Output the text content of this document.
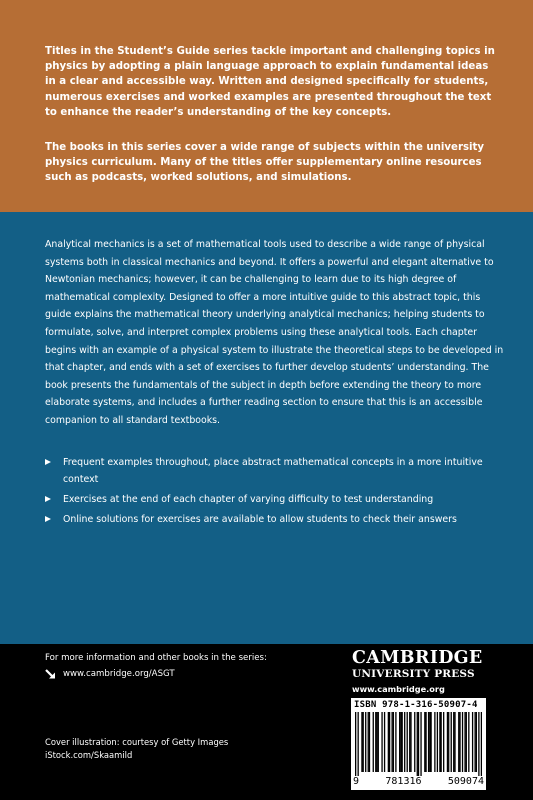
Titles in the Student’s Guide series tackle important and challenging topics in physics by adopting a plain language approach to explain fundamental ideas in a clear and accessible way. Written and designed specifically for students, numerous exercises and worked examples are presented throughout the text to enhance the reader’s understanding of the key concepts.

The books in this series cover a wide range of subjects within the university physics curriculum. Many of the titles offer supplementary online resources such as podcasts, worked solutions, and simulations.

Analytical mechanics is a set of mathematical tools used to describe a wide range of physical systems both in classical mechanics and beyond. It offers a powerful and elegant alternative to Newtonian mechanics; however, it can be challenging to learn due to its high degree of mathematical complexity. Designed to offer a more intuitive guide to this abstract topic, this guide explains the mathematical theory underlying analytical mechanics; helping students to formulate, solve, and interpret complex problems using these analytical tools. Each chapter begins with an example of a physical system to illustrate the theoretical steps to be developed in that chapter, and ends with a set of exercises to further develop students’ understanding. The book presents the fundamentals of the subject in depth before extending the theory to more elaborate systems, and includes a further reading section to ensure that this is an accessible companion to all standard textbooks.

Frequent examples throughout, place abstract mathematical concepts in a more intuitive context
Exercises at the end of each chapter of varying difficulty to test understanding
Online solutions for exercises are available to allow students to check their answers
For more information and other books in the series:
www.cambridge.org/ASGT
Cover illustration: courtesy of Getty Images
iStock.com/Skaamild
CAMBRIDGE
UNIVERSITY PRESS
www.cambridge.org
ISBN 978-1-316-50907-4
9	781316	509074
